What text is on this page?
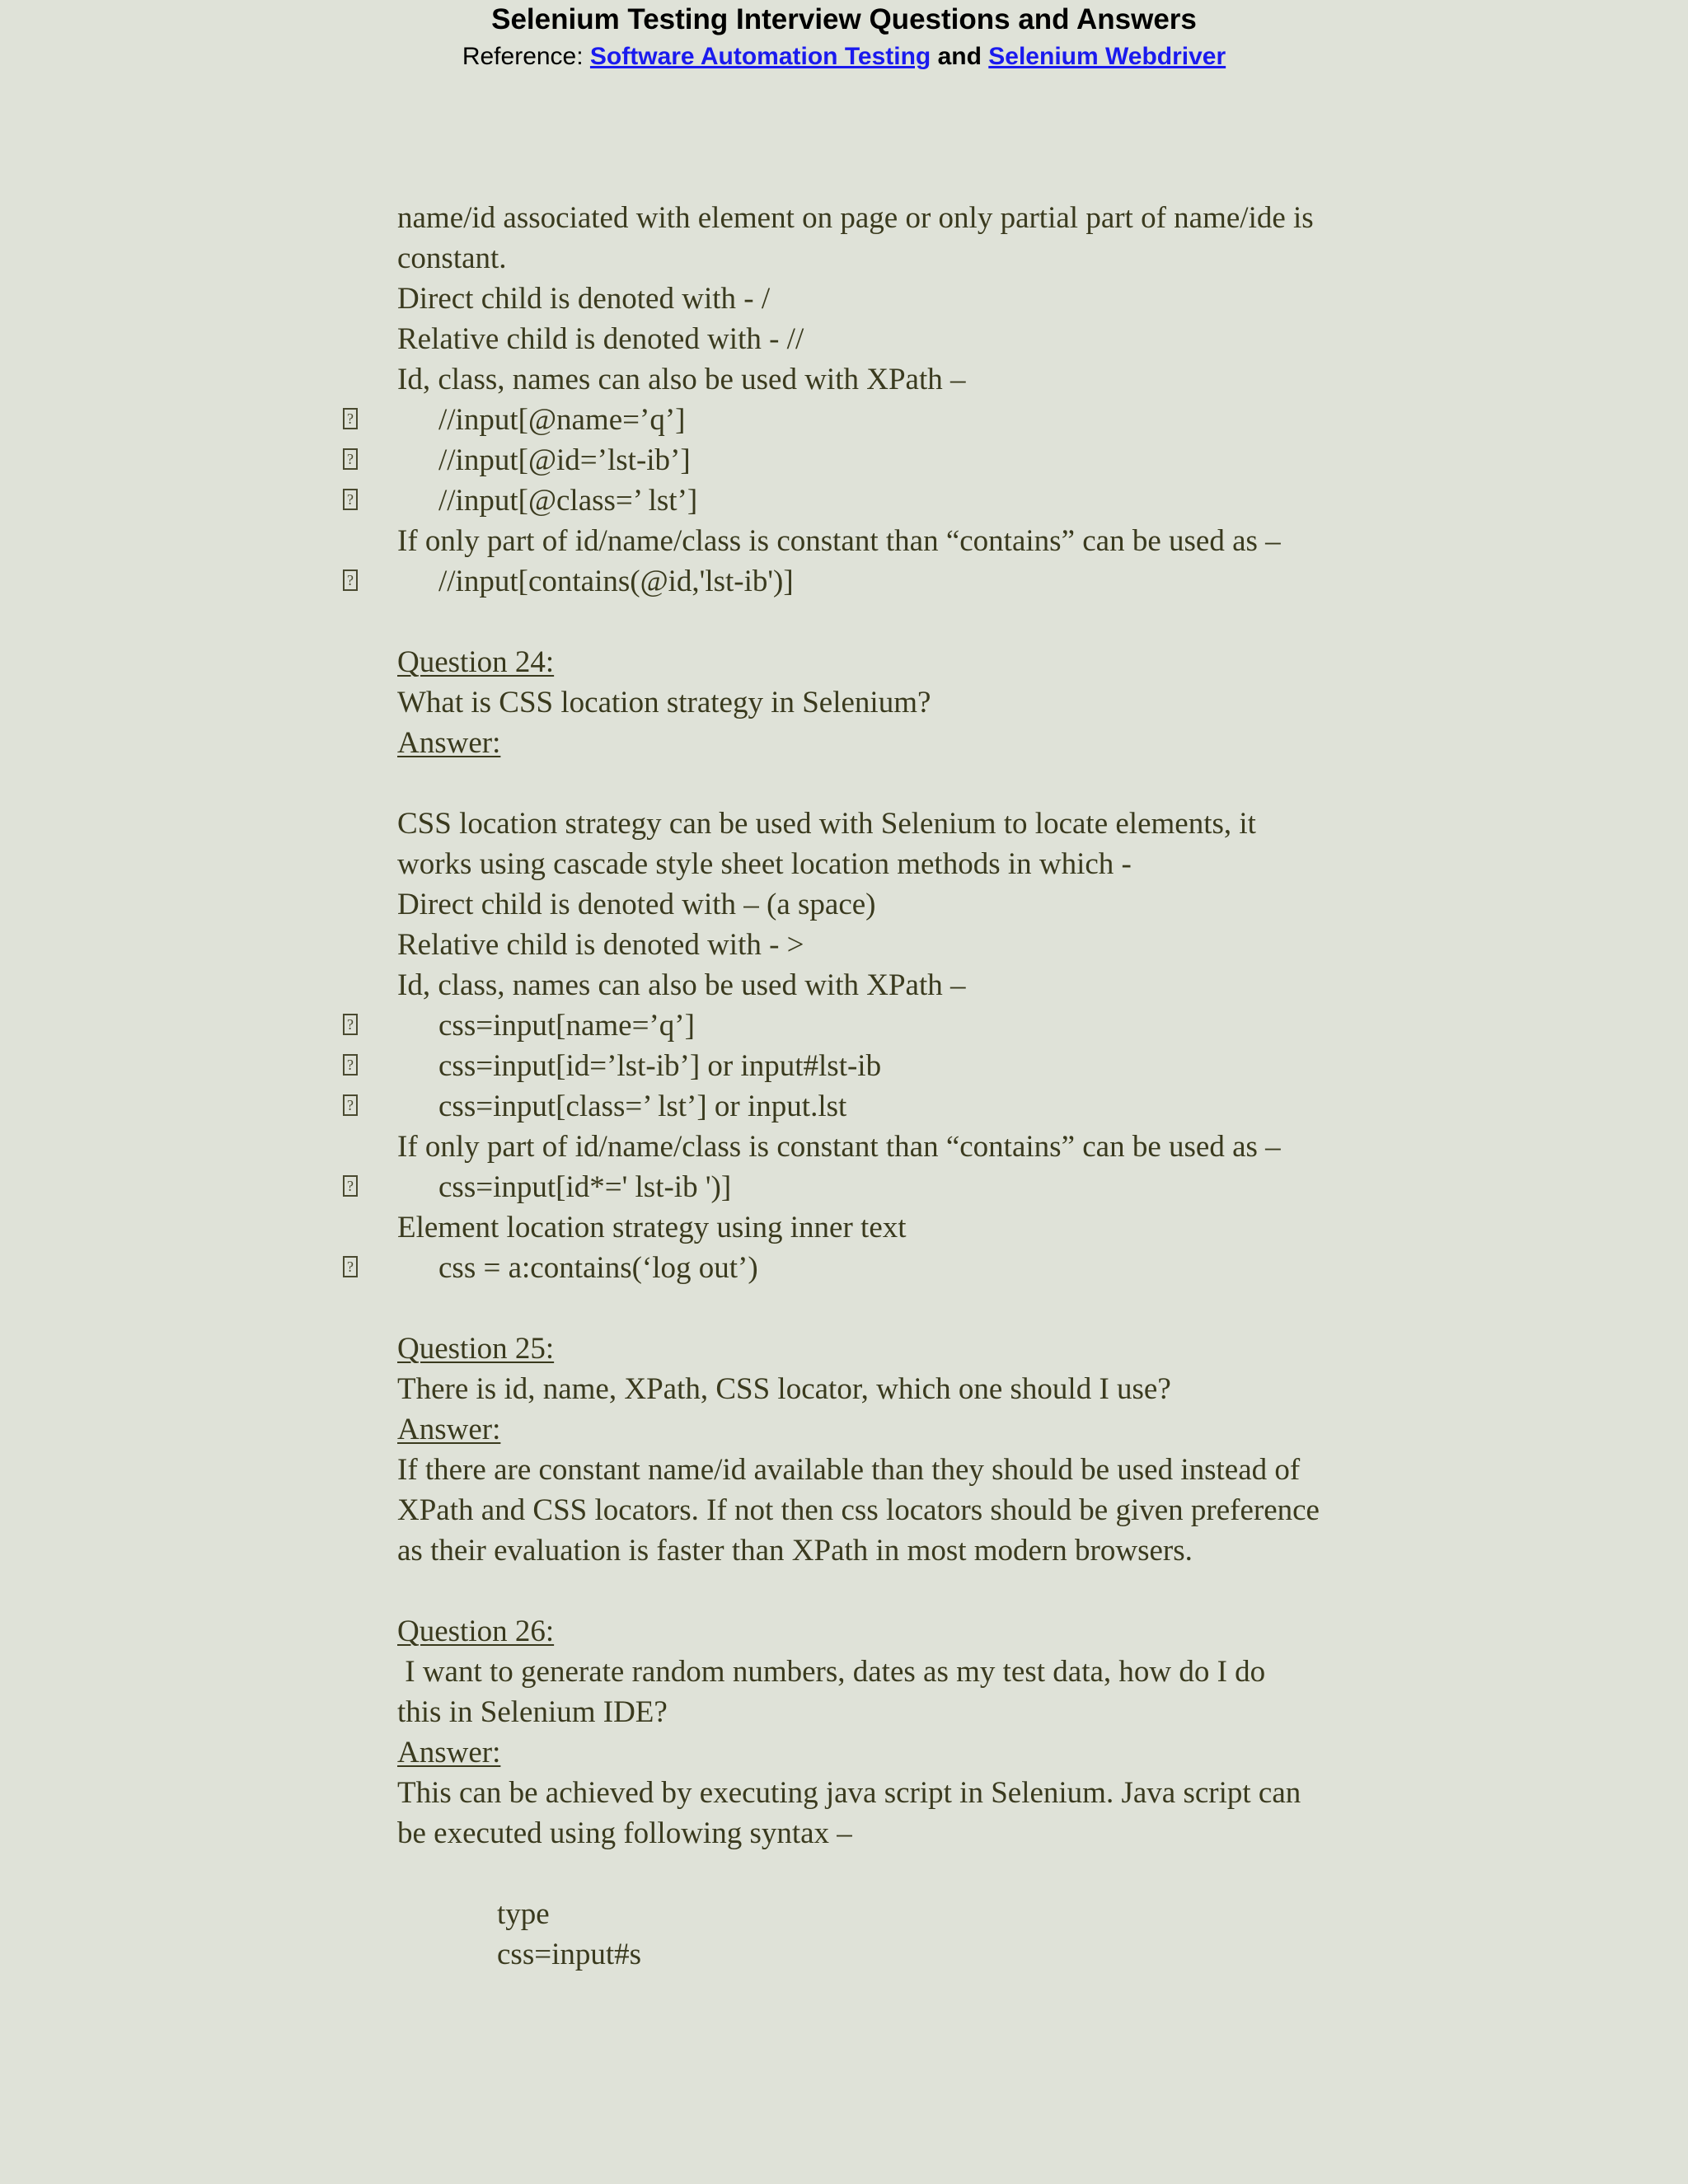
Selenium Testing Interview Questions and Answers
Reference: Software Automation Testing and Selenium Webdriver
name/id associated with element on page or only partial part of name/ide is
constant.
Direct child is denoted with - /
Relative child is denoted with - //
Id, class, names can also be used with XPath –
?	//input[@name=’q’]
?	//input[@id=’lst-ib’]
?	//input[@class=’ lst’]
If only part of id/name/class is constant than “contains” can be used as –
?	//input[contains(@id,'lst-ib')]
Question 24:
What is CSS location strategy in Selenium?
Answer:
CSS location strategy can be used with Selenium to locate elements, it
works using cascade style sheet location methods in which -
Direct child is denoted with – (a space)
Relative child is denoted with - >
Id, class, names can also be used with XPath –
?	css=input[name=’q’]
?	css=input[id=’lst-ib’] or input#lst-ib
?	css=input[class=’ lst’] or input.lst
If only part of id/name/class is constant than “contains” can be used as –
?	css=input[id*=' lst-ib ')]
Element location strategy using inner text
?	css = a:contains(‘log out’)
Question 25:
There is id, name, XPath, CSS locator, which one should I use?
Answer:
If there are constant name/id available than they should be used instead of
XPath and CSS locators. If not then css locators should be given preference
as their evaluation is faster than XPath in most modern browsers.
Question 26:
I want to generate random numbers, dates as my test data, how do I do
this in Selenium IDE?
Answer:
This can be achieved by executing java script in Selenium. Java script can
be executed using following syntax –
type
css=input#s
